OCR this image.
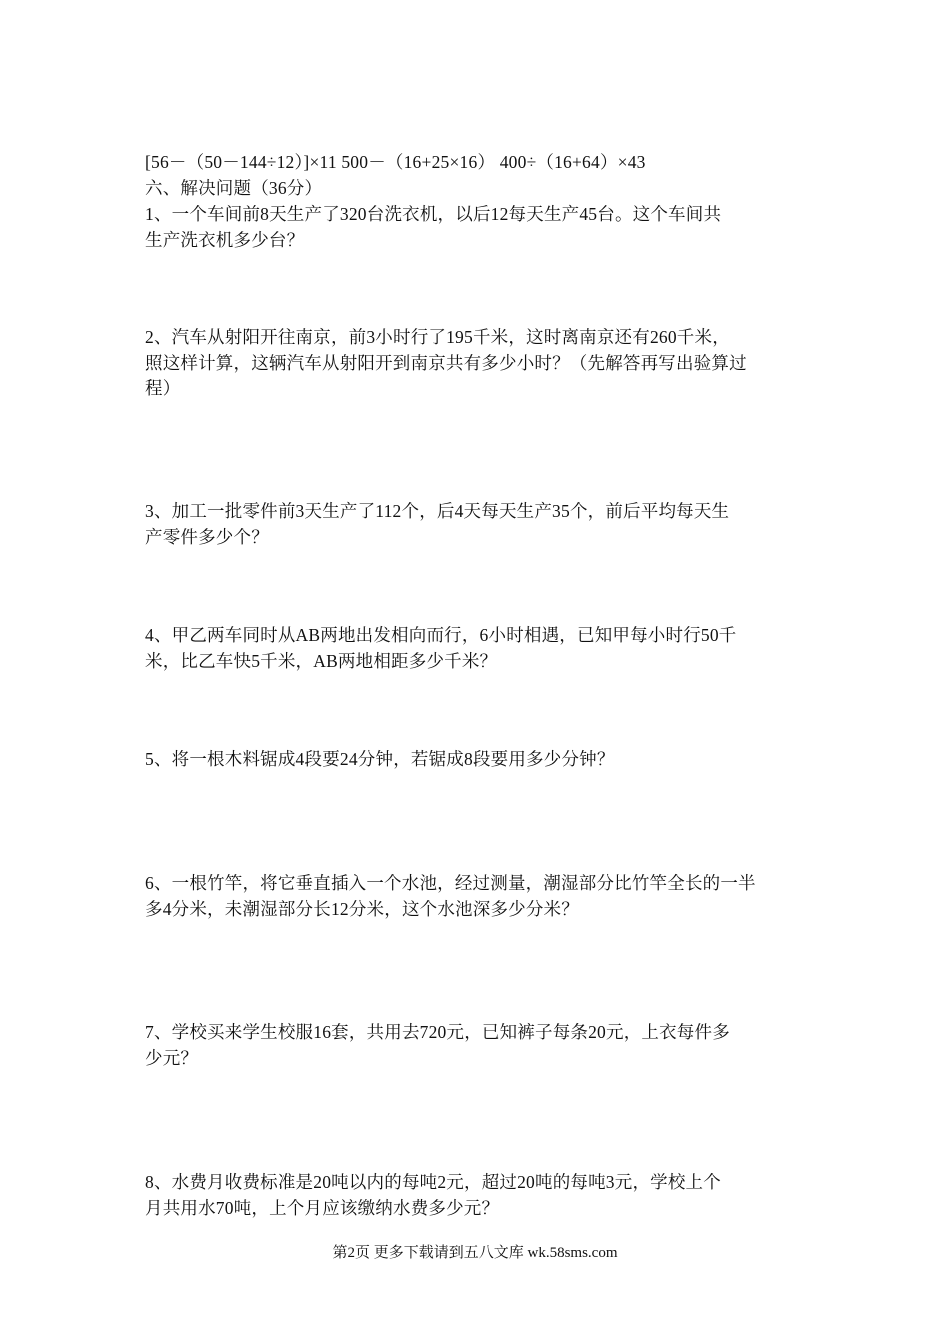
[56－（50－144÷12）]×11 500－（16+25×16） 400÷（16+64）×43
六、解决问题（36分）
1、一个车间前8天生产了320台洗衣机，以后12每天生产45台。这个车间共
生产洗衣机多少台？
2、汽车从射阳开往南京，前3小时行了195千米，这时离南京还有260千米，
照这样计算，这辆汽车从射阳开到南京共有多少小时？（先解答再写出验算过
程）
3、加工一批零件前3天生产了112个，后4天每天生产35个，前后平均每天生
产零件多少个？
4、甲乙两车同时从AB两地出发相向而行，6小时相遇，已知甲每小时行50千
米，比乙车快5千米，AB两地相距多少千米？
5、将一根木料锯成4段要24分钟，若锯成8段要用多少分钟？
6、一根竹竿，将它垂直插入一个水池，经过测量，潮湿部分比竹竿全长的一半
多4分米，未潮湿部分长12分米，这个水池深多少分米？
7、学校买来学生校服16套，共用去720元，已知裤子每条20元，上衣每件多
少元？
8、水费月收费标准是20吨以内的每吨2元，超过20吨的每吨3元，学校上个
月共用水70吨，上个月应该缴纳水费多少元？
第2页 更多下载请到五八文库 wk.58sms.com
